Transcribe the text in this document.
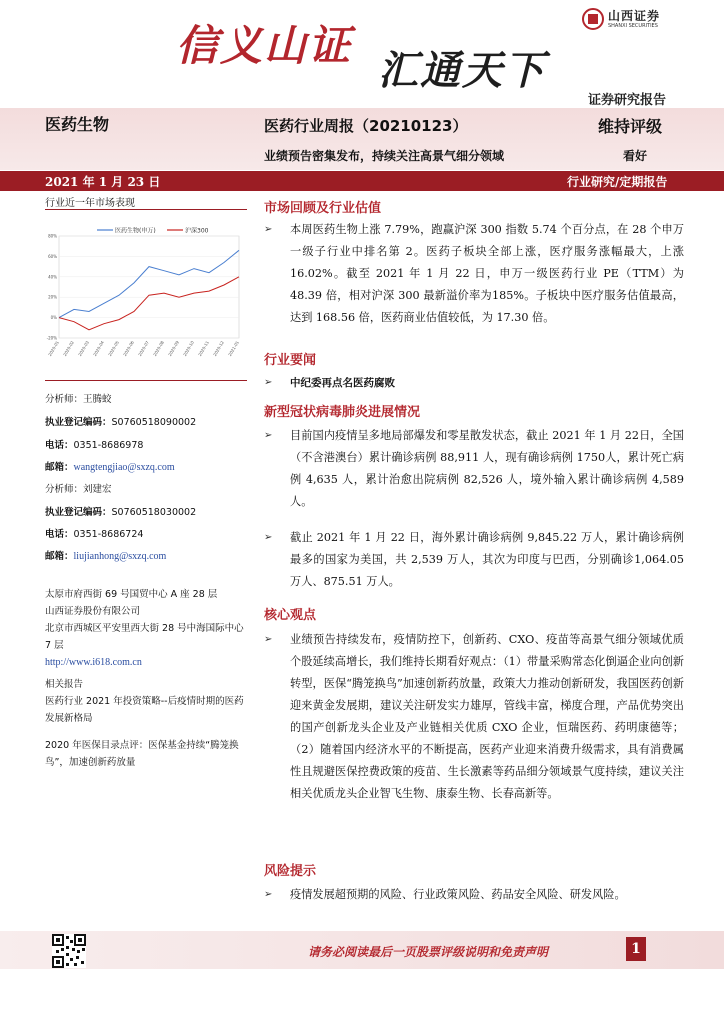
信义山证
汇通天下
山西证券
SHANXI SECURITIES
证券研究报告
医药生物	医药行业周报（20210123）	维持评级
业绩预告密集发布，持续关注高景气细分领域	看好
2021 年 1 月 23 日	行业研究/定期报告
行业近一年市场表现
医药生物(申万)	沪深300
-20%
0%
20%
40%
60%
80%
2020-01 2020-02 2020-03 2020-04 2020-05 2020-06 2020-07 2020-08 2020-09 2020-10 2020-11 2020-12 2021-01
分析师：王腾蛟
执业登记编码：S0760518090002
电话：0351-8686978
邮箱：wangtengjiao@sxzq.com
分析师：刘建宏
执业登记编码：S0760518030002
电话：0351-8686724
邮箱：liujianhong@sxzq.com
太原市府西街 69 号国贸中心 A 座 28 层
山西证券股份有限公司
北京市西城区平安里西大街 28 号中海国际中心 7 层
http://www.i618.com.cn
相关报告
医药行业 2021 年投资策略--后疫情时期的医药发展新格局
2020 年医保目录点评：医保基金持续“腾笼换鸟”，加速创新药放量
市场回顾及行业估值
➢ 本周医药生物上涨 7.79%，跑赢沪深 300 指数 5.74 个百分点，在 28 个申万一级子行业中排名第 2。医药子板块全部上涨，医疗服务涨幅最大，上涨 16.02%。截至 2021 年 1 月 22 日，申万一级医药行业 PE（TTM）为 48.39 倍，相对沪深 300 最新溢价率为185%。子板块中医疗服务估值最高，达到 168.56 倍，医药商业估值较低，为 17.30 倍。

行业要闻
➢ 中纪委再点名医药腐败

新型冠状病毒肺炎进展情况
➢ 目前国内疫情呈多地局部爆发和零星散发状态，截止 2021 年 1 月 22日，全国（不含港澳台）累计确诊病例 88,911 人，现有确诊病例 1750人，累计死亡病例 4,635 人，累计治愈出院病例 82,526 人，境外输入累计确诊病例 4,589 人。

➢ 截止 2021 年 1 月 22 日，海外累计确诊病例 9,845.22 万人，累计确诊病例最多的国家为美国，共 2,539 万人，其次为印度与巴西，分别确诊1,064.05 万人、875.51 万人。

核心观点
➢ 业绩预告持续发布，疫情防控下，创新药、CXO、疫苗等高景气细分领域优质个股延续高增长，我们维持长期看好观点：（1）带量采购常态化倒逼企业向创新转型，医保“腾笼换鸟”加速创新药放量，政策大力推动创新研发，我国医药创新迎来黄金发展期，建议关注研发实力雄厚，管线丰富，梯度合理，产品优势突出的国产创新龙头企业及产业链相关优质 CXO 企业，恒瑞医药、药明康德等；（2）随着国内经济水平的不断提高，医药产业迎来消费升级需求，具有消费属性且规避医保控费政策的疫苗、生长激素等药品细分领域景气度持续，建议关注相关优质龙头企业智飞生物、康泰生物、长春高新等。

风险提示
➢ 疫情发展超预期的风险、行业政策风险、药品安全风险、研发风险。

请务必阅读最后一页股票评级说明和免责声明	1
